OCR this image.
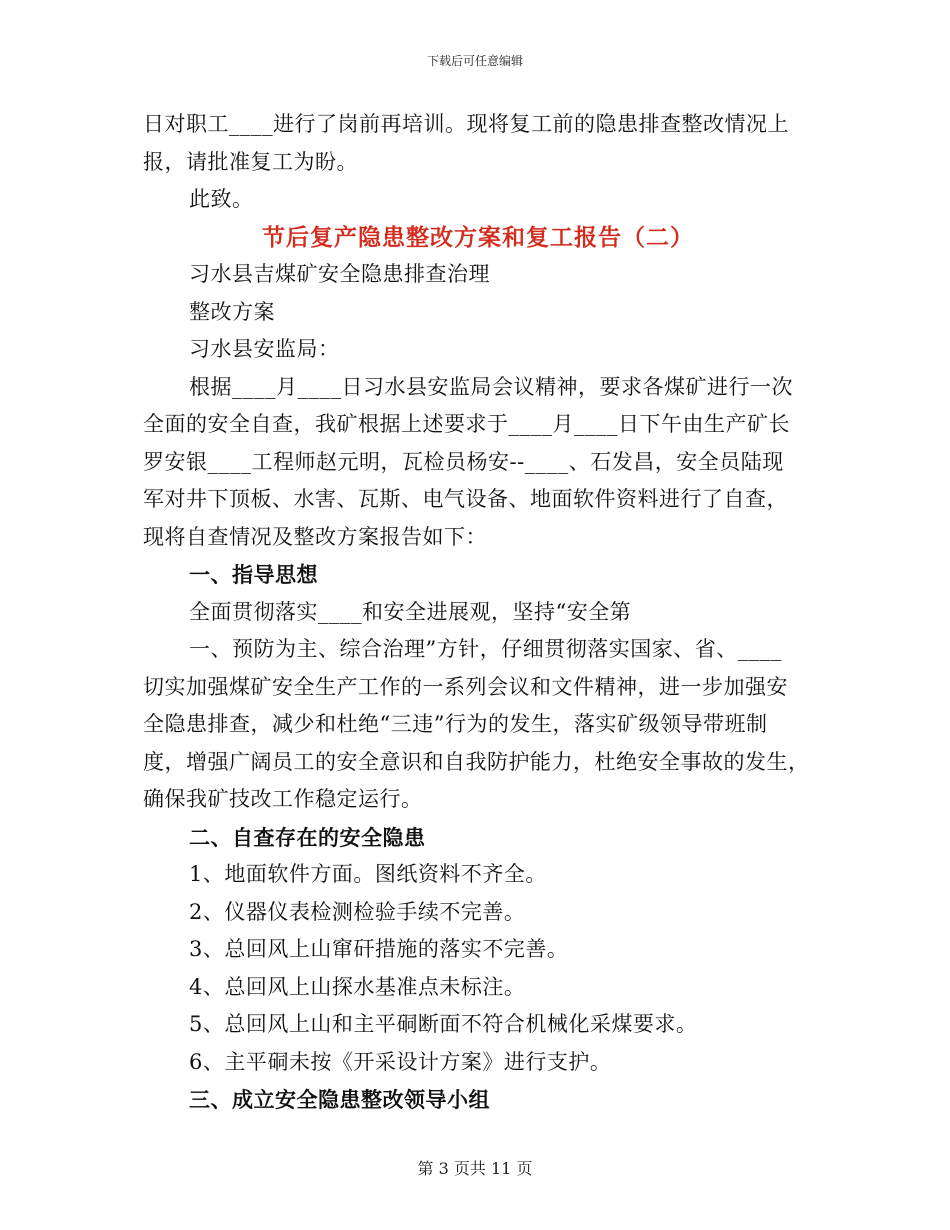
下载后可任意编辑
日对职工____进行了岗前再培训。现将复工前的隐患排查整改情况上
报，请批准复工为盼。
此致。
节后复产隐患整改方案和复工报告（二）
习水县吉煤矿安全隐患排查治理
整改方案
习水县安监局：
根据____月____日习水县安监局会议精神，要求各煤矿进行一次
全面的安全自查，我矿根据上述要求于____月____日下午由生产矿长
罗安银____工程师赵元明，瓦检员杨安--____、石发昌，安全员陆现
军对井下顶板、水害、瓦斯、电气设备、地面软件资料进行了自查，
现将自查情况及整改方案报告如下：
一、指导思想
全面贯彻落实____和安全进展观，坚持“安全第
一、预防为主、综合治理”方针，仔细贯彻落实国家、省、____
切实加强煤矿安全生产工作的一系列会议和文件精神，进一步加强安
全隐患排查，减少和杜绝“三违”行为的发生，落实矿级领导带班制
度，增强广阔员工的安全意识和自我防护能力，杜绝安全事故的发生，
确保我矿技改工作稳定运行。
二、自查存在的安全隐患
1、地面软件方面。图纸资料不齐全。
2、仪器仪表检测检验手续不完善。
3、总回风上山窜矸措施的落实不完善。
4、总回风上山探水基准点未标注。
5、总回风上山和主平硐断面不符合机械化采煤要求。
6、主平硐未按《开采设计方案》进行支护。
三、成立安全隐患整改领导小组
第 3 页共 11 页
